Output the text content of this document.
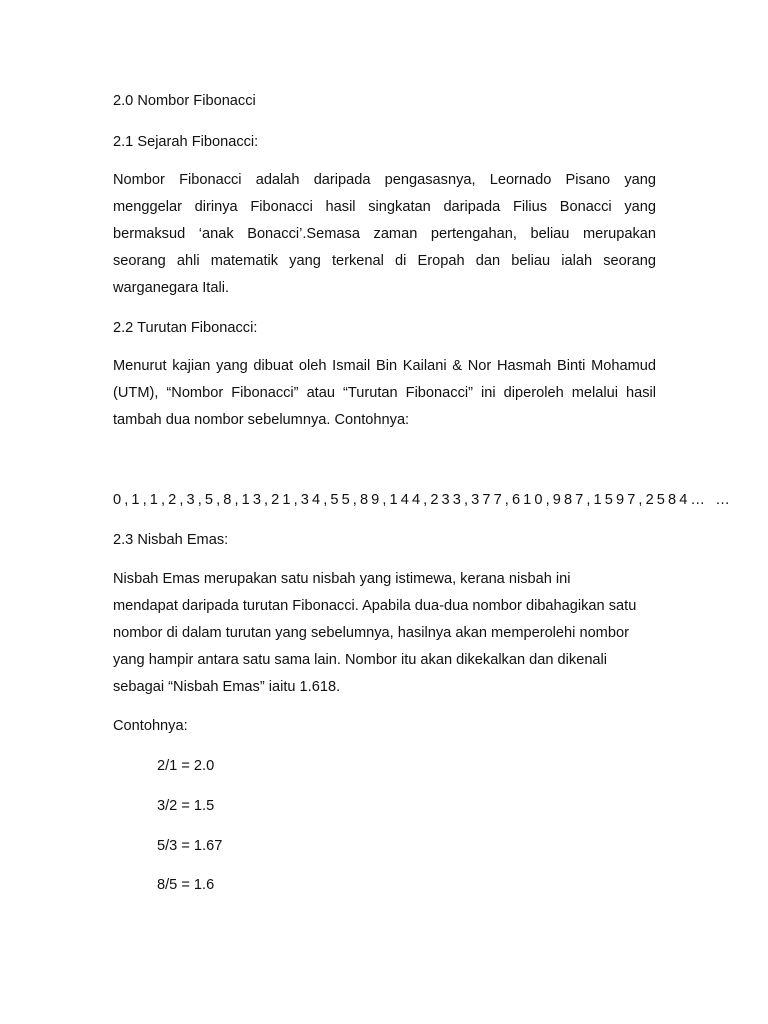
2.0 Nombor Fibonacci

2.1 Sejarah Fibonacci:

Nombor Fibonacci adalah daripada pengasasnya, Leornado Pisano yang
menggelar dirinya Fibonacci hasil singkatan daripada Filius Bonacci yang
bermaksud ‘anak Bonacci’.Semasa zaman pertengahan, beliau merupakan
seorang ahli matematik yang terkenal di Eropah dan beliau ialah seorang
warganegara Itali.

2.2 Turutan Fibonacci:

Menurut kajian yang dibuat oleh Ismail Bin Kailani & Nor Hasmah Binti Mohamud
(UTM), “Nombor Fibonacci” atau “Turutan Fibonacci” ini diperoleh melalui hasil
tambah dua nombor sebelumnya. Contohnya:

0,1,1,2,3,5,8,13,21,34,55,89,144,233,377,610,987,1597,2584… …

2.3 Nisbah Emas:

Nisbah Emas merupakan satu nisbah yang istimewa, kerana nisbah ini
mendapat daripada turutan Fibonacci. Apabila dua-dua nombor dibahagikan satu
nombor di dalam turutan yang sebelumnya, hasilnya akan memperolehi nombor
yang hampir antara satu sama lain. Nombor itu akan dikekalkan dan dikenali
sebagai “Nisbah Emas” iaitu 1.618.

Contohnya:

2/1 = 2.0

3/2 = 1.5

5/3 = 1.67

8/5 = 1.6
